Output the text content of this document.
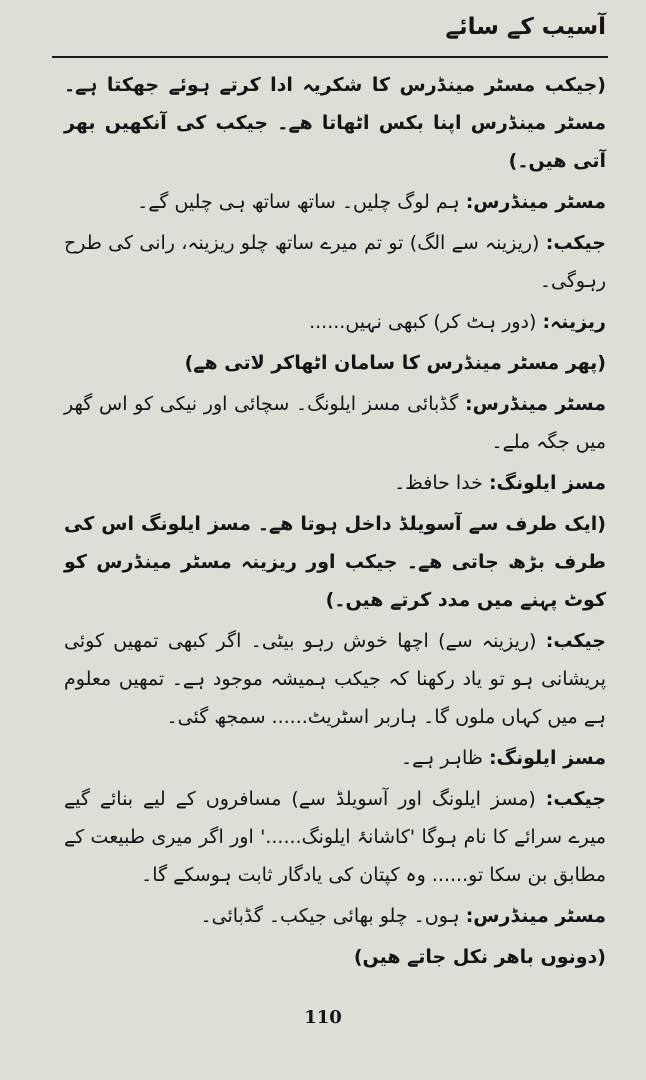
آسیب کے سائے

(جیکب مسٹر مینڈرس کا شکریہ ادا کرتے ہوئے جھکتا ہے۔ مسٹر مینڈرس اپنا بکس اٹھاتا ھے۔ جیکب کی آنکھیں بھر آتی ھیں۔)

مسٹر مینڈرس: ہم لوگ چلیں۔ ساتھ ساتھ ہی چلیں گے۔

جیکب: (ریزینہ سے الگ) تو تم میرے ساتھ چلو ریزینہ، رانی کی طرح رہوگی۔

ریزینہ: (دور ہٹ کر) کبھی نہیں......

(پھر مسٹر مینڈرس کا سامان اٹھاکر لاتی ھے)

مسٹر مینڈرس: گڈبائی مسز ایلونگ۔ سچائی اور نیکی کو اس گھر میں جگہ ملے۔

مسز ایلونگ: خدا حافظ۔

(ایک طرف سے آسویلڈ داخل ہوتا ھے۔ مسز ایلونگ اس کی طرف بڑھ جاتی ھے۔ جیکب اور ریزینہ مسٹر مینڈرس کو کوٹ پہنے میں مدد کرتے ھیں۔)

جیکب: (ریزینہ سے) اچھا خوش رہو بیٹی۔ اگر کبھی تمھیں کوئی پریشانی ہو تو یاد رکھنا کہ جیکب ہمیشہ موجود ہے۔ تمھیں معلوم ہے میں کہاں ملوں گا۔ ہاربر اسٹریٹ...... سمجھ گئی۔

مسز ایلونگ: ظاہر ہے۔

جیکب: (مسز ایلونگ اور آسویلڈ سے) مسافروں کے لیے بنائے گیے میرے سرائے کا نام ہوگا 'کاشانۂ ایلونگ......' اور اگر میری طبیعت کے مطابق بن سکا تو...... وہ کپتان کی یادگار ثابت ہوسکے گا۔

مسٹر مینڈرس: ہوں۔ چلو بھائی جیکب۔ گڈبائی۔

(دونوں باھر نکل جاتے ھیں)

110
